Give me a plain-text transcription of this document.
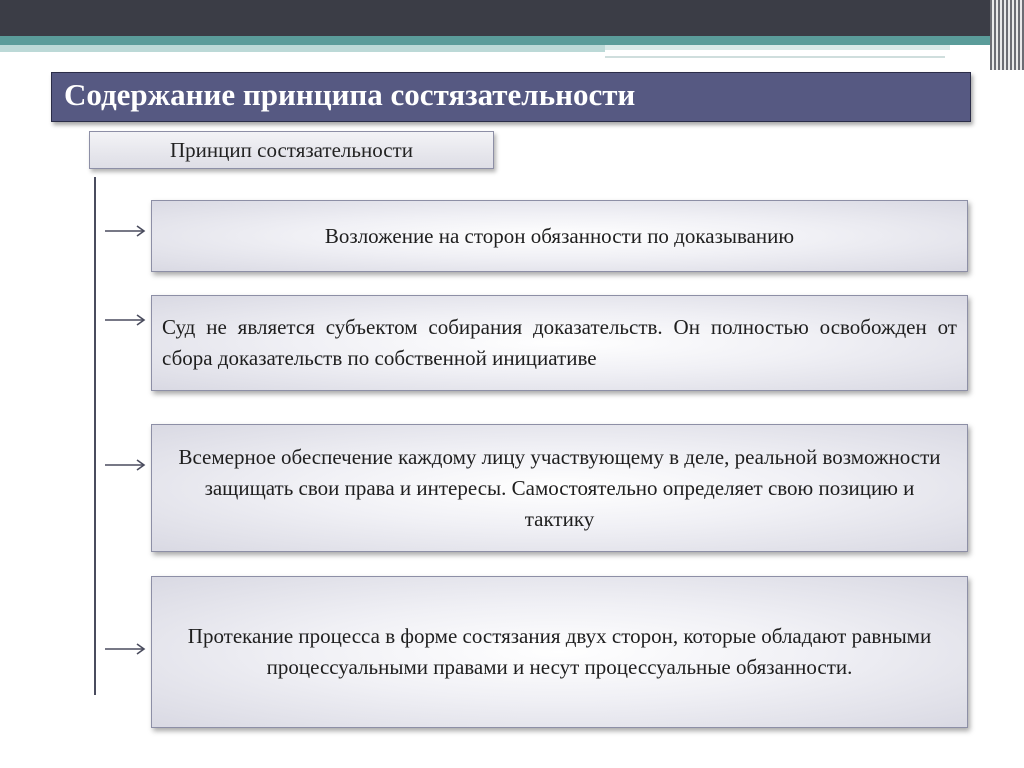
Содержание принципа состязательности
Принцип состязательности
Возложение на сторон обязанности по доказыванию
Суд не является субъектом собирания доказательств. Он полностью освобожден от сбора доказательств по собственной инициативе
Всемерное обеспечение каждому лицу участвующему в деле, реальной возможности защищать свои права и интересы. Самостоятельно определяет свою позицию и тактику
Протекание процесса в форме состязания двух сторон, которые обладают равными процессуальными правами и несут процессуальные обязанности.
